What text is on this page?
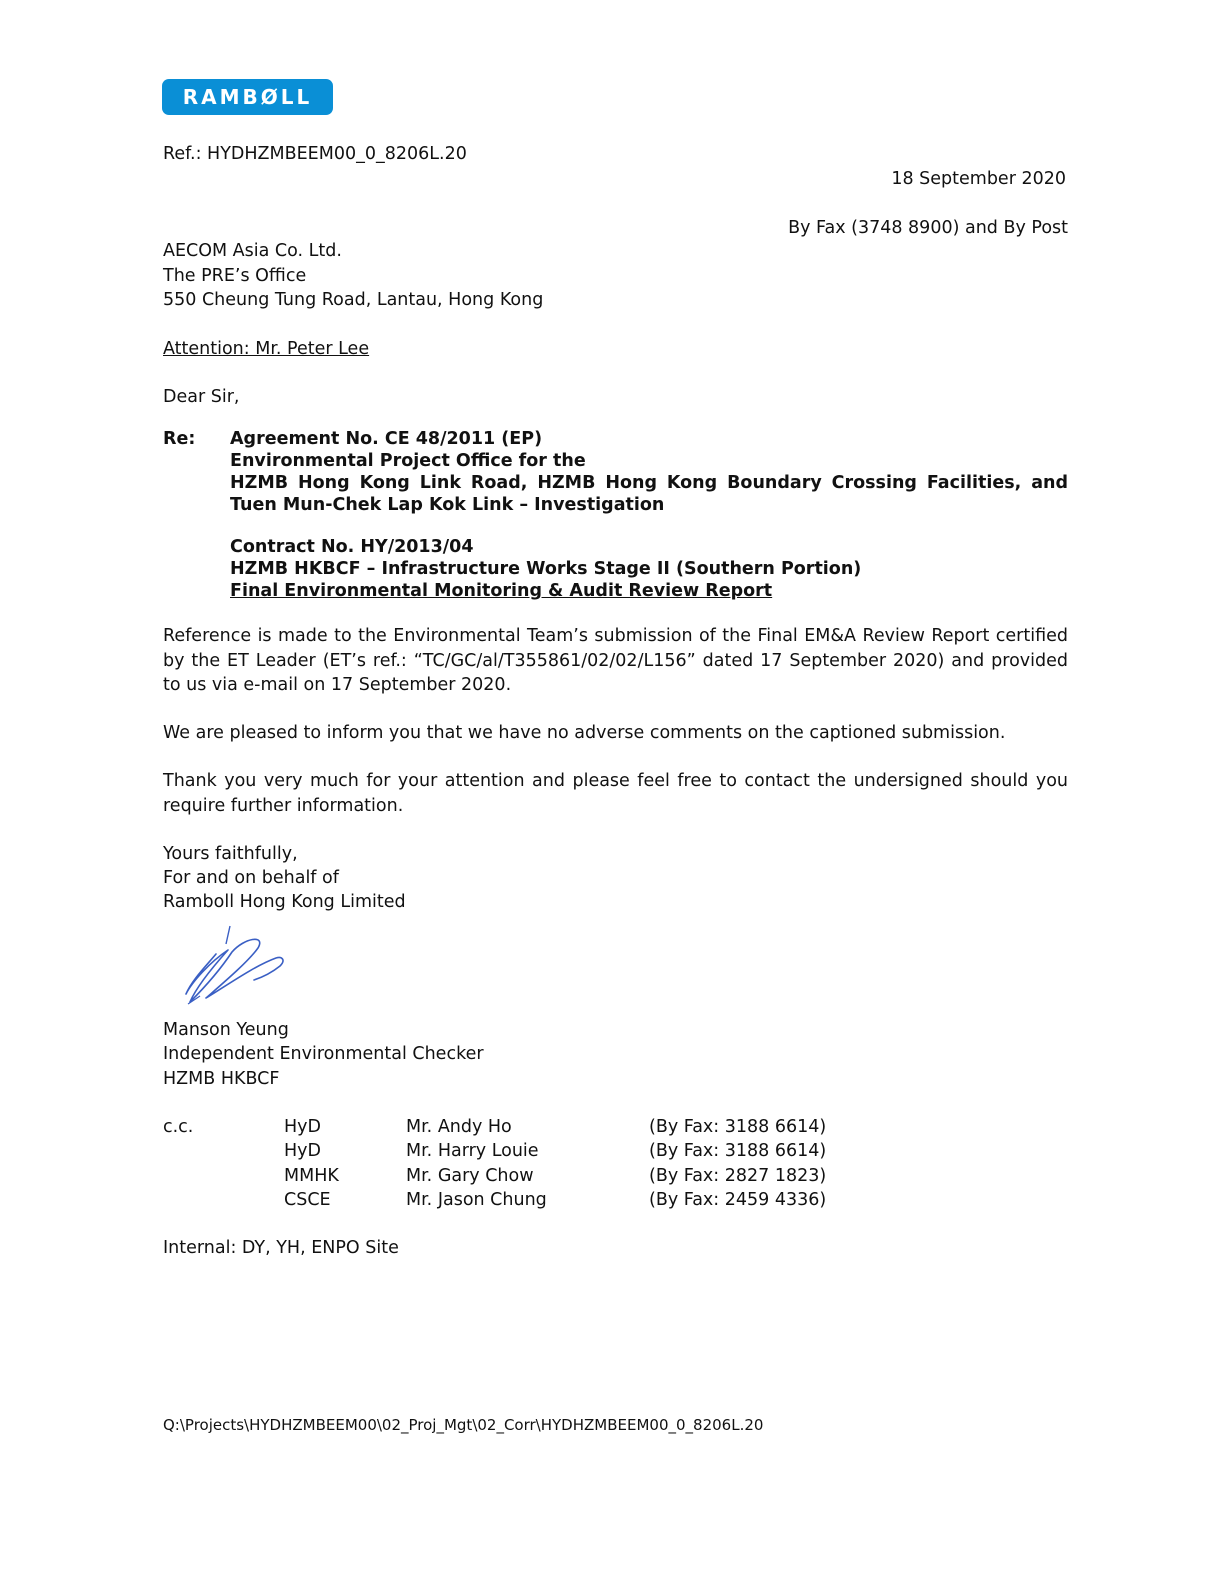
RAMBØLL
Ref.: HYDHZMBEEM00_0_8206L.20
18 September 2020
By Fax (3748 8900) and By Post
AECOM Asia Co. Ltd.
The PRE’s Office
550 Cheung Tung Road, Lantau, Hong Kong
Attention: Mr. Peter Lee
Dear Sir,
Re: Agreement No. CE 48/2011 (EP)
Environmental Project Office for the
HZMB Hong Kong Link Road, HZMB Hong Kong Boundary Crossing Facilities, and
Tuen Mun-Chek Lap Kok Link – Investigation
Contract No. HY/2013/04
HZMB HKBCF – Infrastructure Works Stage II (Southern Portion)
Final Environmental Monitoring & Audit Review Report
Reference is made to the Environmental Team’s submission of the Final EM&A Review Report certified by the ET Leader (ET’s ref.: “TC/GC/al/T355861/02/02/L156” dated 17 September 2020) and provided to us via e-mail on 17 September 2020.
We are pleased to inform you that we have no adverse comments on the captioned submission.
Thank you very much for your attention and please feel free to contact the undersigned should you require further information.
Yours faithfully,
For and on behalf of
Ramboll Hong Kong Limited
Manson Yeung
Independent Environmental Checker
HZMB HKBCF
c.c.	HyD	Mr. Andy Ho	(By Fax: 3188 6614)
HyD	Mr. Harry Louie	(By Fax: 3188 6614)
MMHK	Mr. Gary Chow	(By Fax: 2827 1823)
CSCE	Mr. Jason Chung	(By Fax: 2459 4336)
Internal: DY, YH, ENPO Site
Q:\Projects\HYDHZMBEEM00\02_Proj_Mgt\02_Corr\HYDHZMBEEM00_0_8206L.20
